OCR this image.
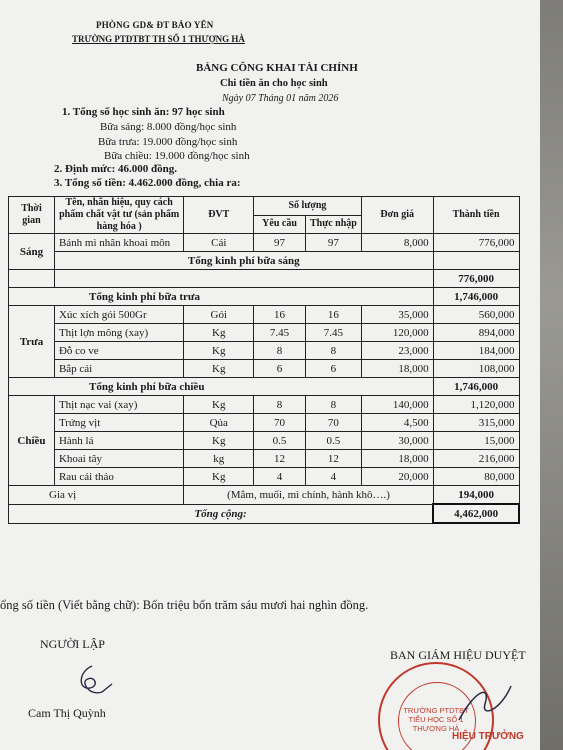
PHÒNG GD& ĐT BẢO YÊN
TRƯỜNG PTDTBT TH SỐ 1 THƯỢNG HÀ
BẢNG CÔNG KHAI TÀI CHÍNH
Chi tiền ăn cho học sinh
Ngày 07 Tháng 01 năm 2026
1. Tổng số học sinh ăn: 97 học sinh
Bữa sáng: 8.000 đồng/học sinh
Bữa trưa: 19.000 đồng/học sinh
Bữa chiều: 19.000 đồng/học sinh
2. Định mức: 46.000 đồng.
3. Tổng số tiền: 4.462.000 đồng, chia ra:
Thời gian	Tên, nhãn hiệu, quy cách phẩm chất vật tư (sản phẩm hàng hóa )	ĐVT	Số lượng		Đơn giá	Thành tiền
			Yêu cầu	Thực nhập		
Sáng	Bánh mì nhân khoai môn	Cái	97	97	8,000	776,000
	Tổng kinh phí bữa sáng					
						776,000
Tổng kinh phí bữa trưa						1,746,000
Trưa	Xúc xích gói 500Gr	Gói	16	16	35,000	560,000
	Thịt lợn mông (xay)	Kg	7.45	7.45	120,000	894,000
	Đỗ co ve	Kg	8	8	23,000	184,000
	Bắp cải	Kg	6	6	18,000	108,000
Tổng kinh phí bữa chiều						1,746,000
Chiều	Thịt nạc vai (xay)	Kg	8	8	140,000	1,120,000
	Trứng vịt	Qủa	70	70	4,500	315,000
	Hành lá	Kg	0.5	0.5	30,000	15,000
	Khoai tây	kg	12	12	18,000	216,000
	Rau cải thảo	Kg	4	4	20,000	80,000
Gia vị		(Mắm, muối, mì chính, hành khô….)				194,000
Tổng cộng:						4,462,000
ổng số tiền (Viết bằng chữ): Bốn triệu bốn trăm sáu mươi hai nghìn đồng.
NGƯỜI LẬP
BAN GIÁM HIỆU DUYỆT
Cam Thị Quỳnh	TRƯỜNG PTDTBT TIỂU HỌC SỐ 1 THƯỢNG HÀ
HIỆU TRƯỞNG
